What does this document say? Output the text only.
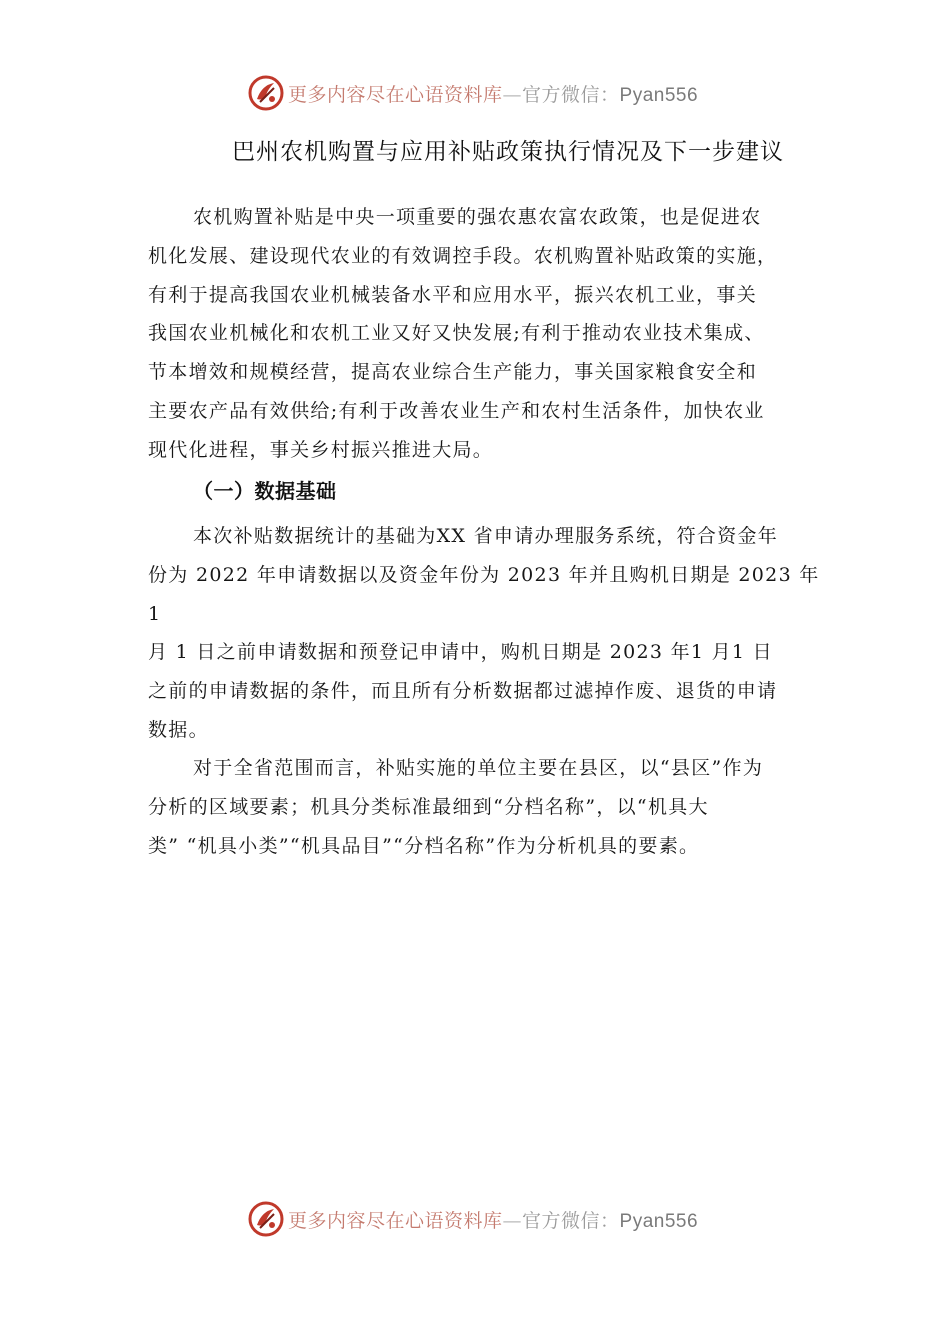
更多内容尽在心语资料库—官方微信：Pyan556
巴州农机购置与应用补贴政策执行情况及下一步建议

农机购置补贴是中央一项重要的强农惠农富农政策，也是促进农
机化发展、建设现代农业的有效调控手段。农机购置补贴政策的实施，
有利于提高我国农业机械装备水平和应用水平，振兴农机工业，事关
我国农业机械化和农机工业又好又快发展;有利于推动农业技术集成、
节本增效和规模经营，提高农业综合生产能力，事关国家粮食安全和
主要农产品有效供给;有利于改善农业生产和农村生活条件，加快农业
现代化进程，事关乡村振兴推进大局。

（一）数据基础

本次补贴数据统计的基础为XX 省申请办理服务系统，符合资金年
份为 2022 年申请数据以及资金年份为 2023 年并且购机日期是 2023 年
1
月 1 日之前申请数据和预登记申请中，购机日期是 2023 年1 月1 日
之前的申请数据的条件，而且所有分析数据都过滤掉作废、退货的申请
数据。

对于全省范围而言，补贴实施的单位主要在县区，以“县区”作为
分析的区域要素；机具分类标准最细到“分档名称”，以“机具大
类” “机具小类”“机具品目”“分档名称”作为分析机具的要素。

更多内容尽在心语资料库—官方微信：Pyan556
